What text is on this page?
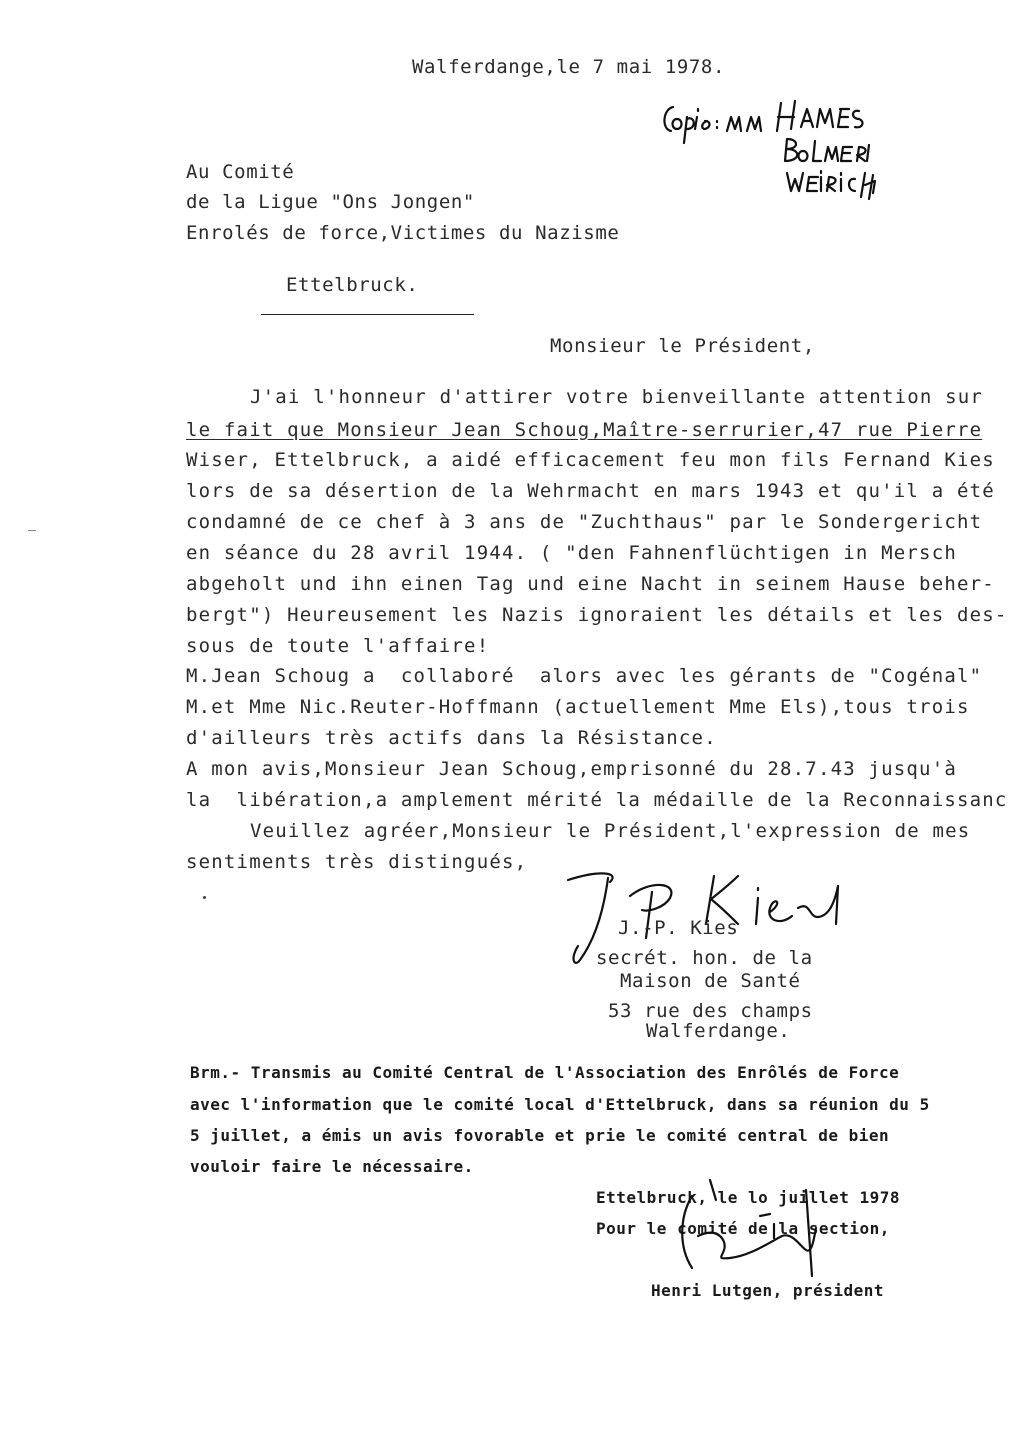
Walferdange,le 7 mai 1978.
Au Comité
de la Ligue "Ons Jongen"
Enrolés de force,Victimes du Nazisme
Ettelbruck.
Monsieur le Président,
J'ai l'honneur d'attirer votre bienveillante attention sur
le fait que Monsieur Jean Schoug,Maître-serrurier,47 rue Pierre
Wiser, Ettelbruck, a aidé efficacement feu mon fils Fernand Kies
lors de sa désertion de la Wehrmacht en mars 1943 et qu'il a été
condamné de ce chef à 3 ans de "Zuchthaus" par le Sondergericht
en séance du 28 avril 1944. ( "den Fahnenflüchtigen in Mersch
abgeholt und ihn einen Tag und eine Nacht in seinem Hause beher-
bergt") Heureusement les Nazis ignoraient les détails et les des-
sous de toute l'affaire!
M.Jean Schoug a  collaboré  alors avec les gérants de "Cogénal"
M.et Mme Nic.Reuter-Hoffmann (actuellement Mme Els),tous trois
d'ailleurs très actifs dans la Résistance.
A mon avis,Monsieur Jean Schoug,emprisonné du 28.7.43 jusqu'à
la  libération,a amplement mérité la médaille de la Reconnaissanc
Veuillez agréer,Monsieur le Président,l'expression de mes
sentiments très distingués,
J.-P. Kies
secrét. hon. de la
Maison de Santé
53 rue des champs
Walferdange.
Brm.- Transmis au Comité Central de l'Association des Enrôlés de Force
avec l'information que le comité local d'Ettelbruck, dans sa réunion du 5
5 juillet, a émis un avis fovorable et prie le comité central de bien
vouloir faire le nécessaire.
Ettelbruck, le lo juillet 1978
Pour le comité de la section,
Henri Lutgen, président
